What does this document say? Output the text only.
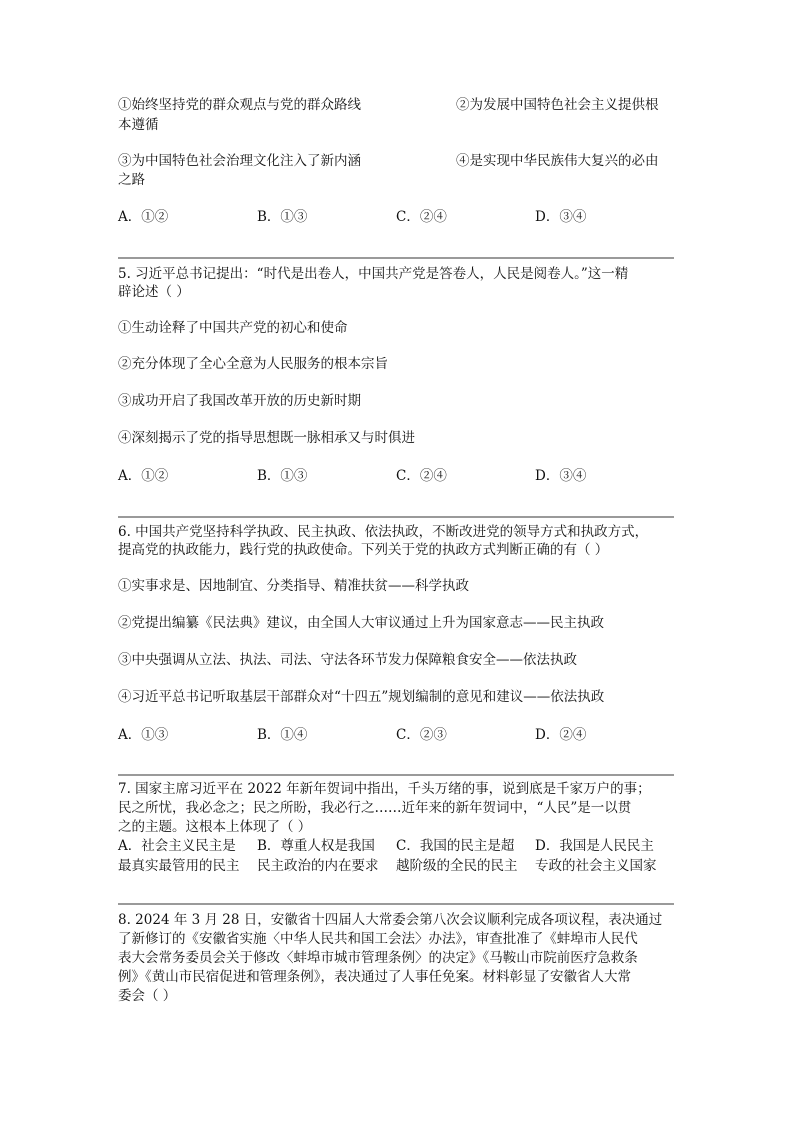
①始终坚持党的群众观点与党的群众路线	②为发展中国特色社会主义提供根
本遵循
③为中国特色社会治理文化注入了新内涵	④是实现中华民族伟大复兴的必由
之路
A．①②	B．①③	C．②④	D．③④
5. 习近平总书记提出：“时代是出卷人，中国共产党是答卷人，人民是阅卷人。”这一精
辟论述（ ）
①生动诠释了中国共产党的初心和使命
②充分体现了全心全意为人民服务的根本宗旨
③成功开启了我国改革开放的历史新时期
④深刻揭示了党的指导思想既一脉相承又与时俱进
A．①②	B．①③	C．②④	D．③④
6. 中国共产党坚持科学执政、民主执政、依法执政，不断改进党的领导方式和执政方式，
提高党的执政能力，践行党的执政使命。下列关于党的执政方式判断正确的有（ ）
①实事求是、因地制宜、分类指导、精准扶贫——科学执政
②党提出编纂《民法典》建议，由全国人大审议通过上升为国家意志——民主执政
③中央强调从立法、执法、司法、守法各环节发力保障粮食安全——依法执政
④习近平总书记听取基层干部群众对“十四五”规划编制的意见和建议——依法执政
A．①③	B．①④	C．②③	D．②④
7. 国家主席习近平在 2022 年新年贺词中指出，千头万绪的事，说到底是千家万户的事；
民之所忧，我必念之；民之所盼，我必行之……近年来的新年贺词中，“人民”是一以贯
之的主题。这根本上体现了（ ）
A．社会主义民主是
最真实最管用的民主
B．尊重人权是我国
民主政治的内在要求
C．我国的民主是超
越阶级的全民的民主
D．我国是人民民主
专政的社会主义国家
8. 2024 年 3 月 28 日，安徽省十四届人大常委会第八次会议顺利完成各项议程，表决通过
了新修订的《安徽省实施〈中华人民共和国工会法〉办法》，审查批准了《蚌埠市人民代
表大会常务委员会关于修改〈蚌埠市城市管理条例〉的决定》《马鞍山市院前医疗急救条
例》《黄山市民宿促进和管理条例》，表决通过了人事任免案。材料彰显了安徽省人大常
委会（ ）
